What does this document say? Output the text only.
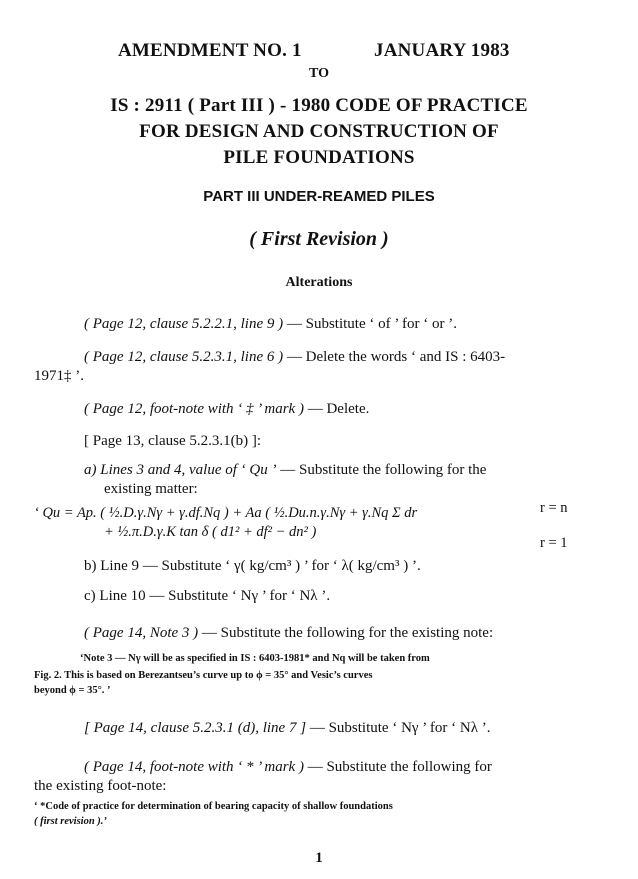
AMENDMENT NO. 1	JANUARY 1983
TO
IS : 2911 ( Part III ) - 1980 CODE OF PRACTICE
FOR DESIGN AND CONSTRUCTION OF
PILE FOUNDATIONS
PART III UNDER-REAMED PILES
( First Revision )
Alterations
( Page 12, clause 5.2.2.1, line 9 ) — Substitute ‘ of ’ for ‘ or ’.
( Page 12, clause 5.2.3.1, line 6 ) — Delete the words ‘ and IS : 6403-
1971‡ ’.
( Page 12, foot-note with ‘ ‡ ’ mark ) — Delete.
[ Page 13, clause 5.2.3.1(b) ]:
a) Lines 3 and 4, value of ‘ Qu ’ — Substitute the following for the
existing matter:
‘ Qu = Ap. ( ½.D.γ.Nγ + γ.df.Nq ) + Aa ( ½.Du.n.γ.Nγ + γ.Nq Σ dr	r = n
+ ½.π.D.γ.K tan δ ( d1² + df² − dn² )
r = 1
b) Line 9 — Substitute ‘ γ( kg/cm³ ) ’ for ‘ λ( kg/cm³ ) ’.
c) Line 10 — Substitute ‘ Nγ ’ for ‘ Nλ ’.
( Page 14, Note 3 ) — Substitute the following for the existing note:
‘Note 3 — Nγ will be as specified in IS : 6403-1981* and Nq will be taken from
Fig. 2. This is based on Berezantseu’s curve up to ϕ = 35° and Vesic’s curves
beyond ϕ = 35°. ’
[ Page 14, clause 5.2.3.1 (d), line 7 ] — Substitute ‘ Nγ ’ for ‘ Nλ ’.
( Page 14, foot-note with ‘ * ’ mark ) — Substitute the following for
the existing foot-note:
‘ *Code of practice for determination of bearing capacity of shallow foundations
( first revision ).’
1
